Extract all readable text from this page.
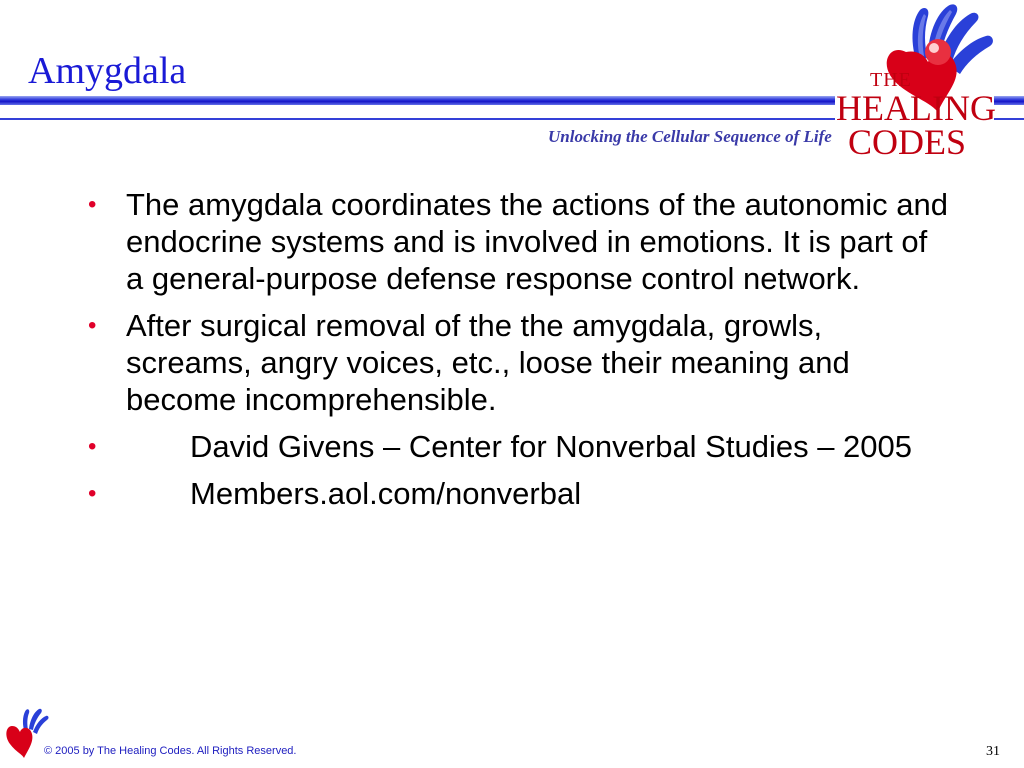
Amygdala
Unlocking the Cellular Sequence of Life
THE
HEALING
CODES
• The amygdala coordinates the actions of the autonomic and endocrine systems and is involved in emotions. It is part of a general-purpose defense response control network.
• After surgical removal of the the amygdala, growls, screams, angry voices, etc., loose their meaning and become incomprehensible.
•	David Givens – Center for Nonverbal Studies – 2005
•	Members.aol.com/nonverbal
© 2005 by The Healing Codes. All Rights Reserved.	31
